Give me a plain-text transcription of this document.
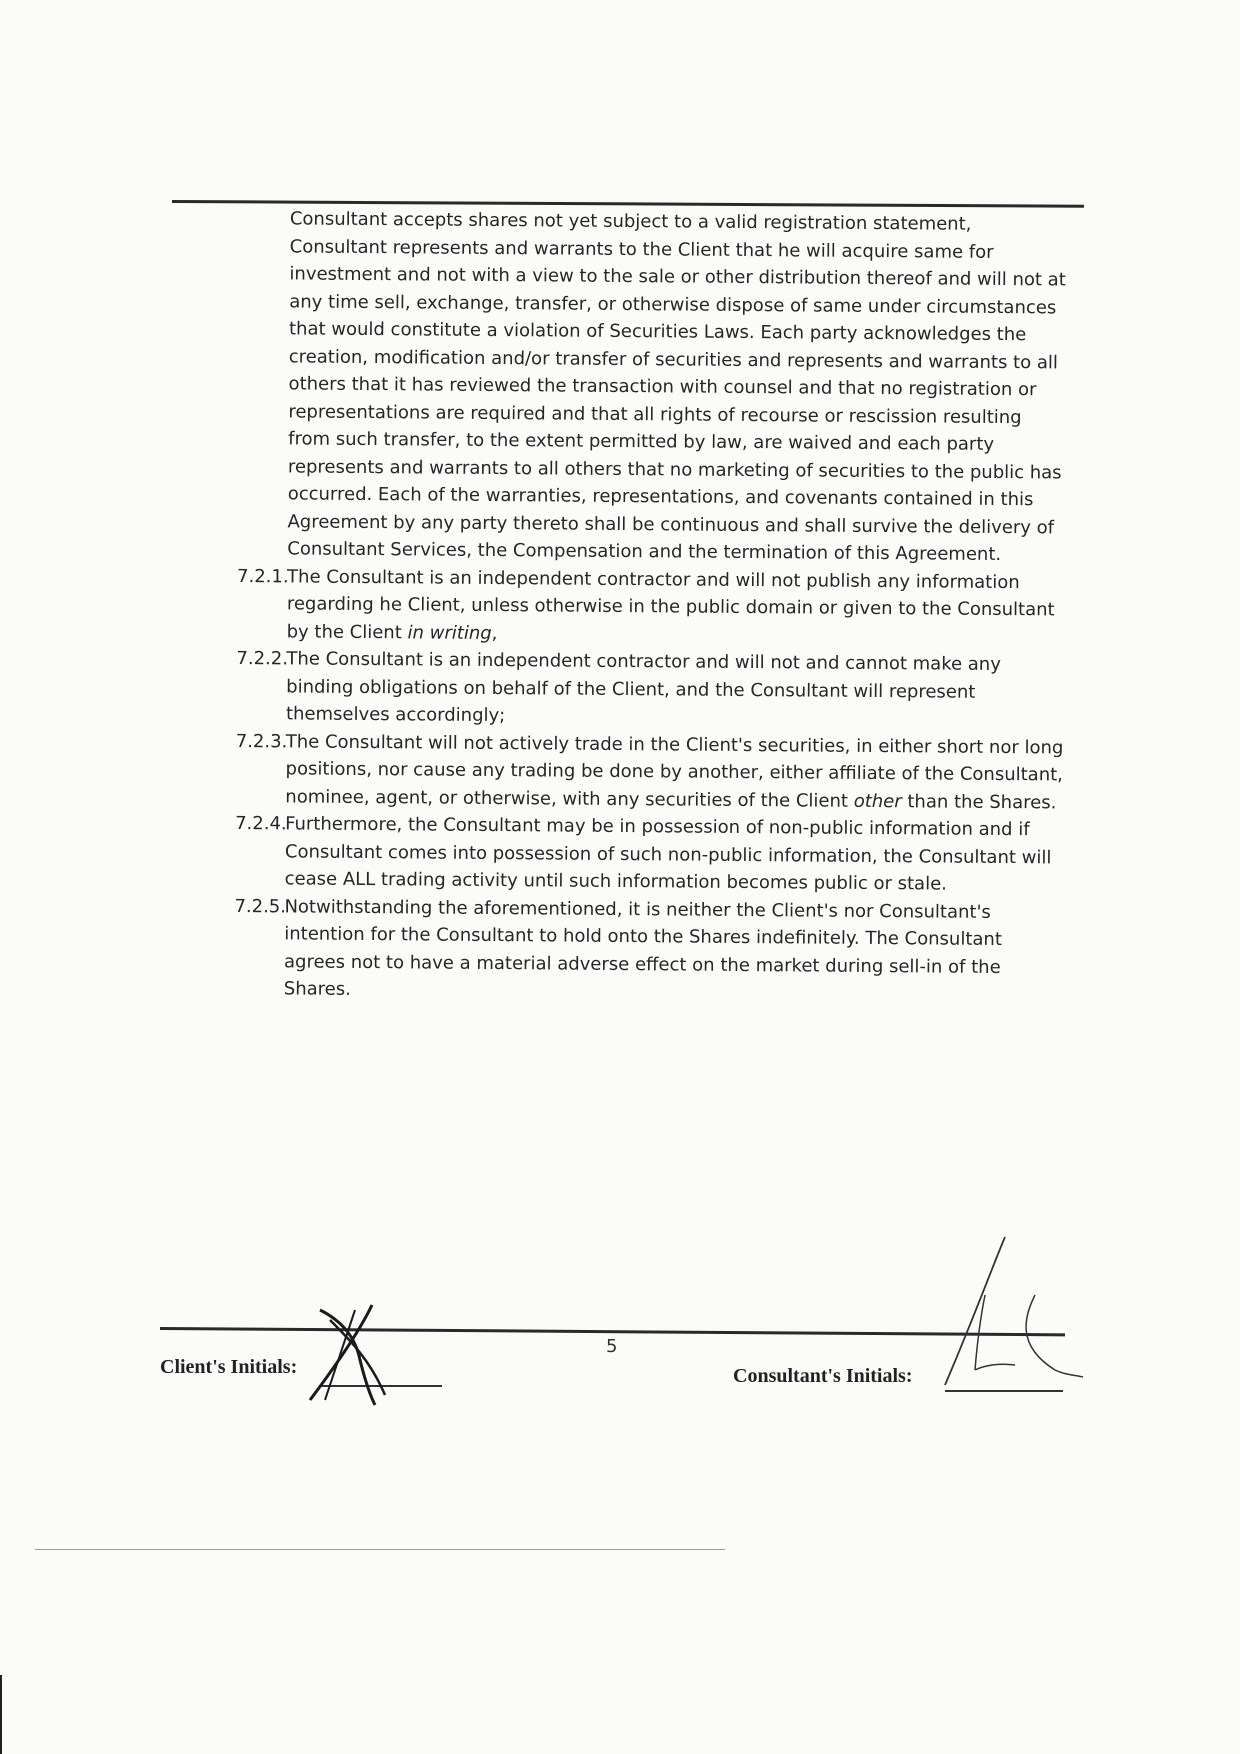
Consultant accepts shares not yet subject to a valid registration statement, Consultant represents and warrants to the Client that he will acquire same for investment and not with a view to the sale or other distribution thereof and will not at any time sell, exchange, transfer, or otherwise dispose of same under circumstances that would constitute a violation of Securities Laws. Each party acknowledges the creation, modification and/or transfer of securities and represents and warrants to all others that it has reviewed the transaction with counsel and that no registration or representations are required and that all rights of recourse or rescission resulting from such transfer, to the extent permitted by law, are waived and each party represents and warrants to all others that no marketing of securities to the public has occurred. Each of the warranties, representations, and covenants contained in this Agreement by any party thereto shall be continuous and shall survive the delivery of Consultant Services, the Compensation and the termination of this Agreement.

7.2.1.
The Consultant is an independent contractor and will not publish any information regarding he Client, unless otherwise in the public domain or given to the Consultant by the Client in writing,
7.2.2.
The Consultant is an independent contractor and will not and cannot make any binding obligations on behalf of the Client, and the Consultant will represent themselves accordingly;
7.2.3.
The Consultant will not actively trade in the Client's securities, in either short nor long positions, nor cause any trading be done by another, either affiliate of the Consultant, nominee, agent, or otherwise, with any securities of the Client other than the Shares.
7.2.4.
Furthermore, the Consultant may be in possession of non-public information and if Consultant comes into possession of such non-public information, the Consultant will cease ALL trading activity until such information becomes public or stale.
7.2.5.
Notwithstanding the aforementioned, it is neither the Client's nor Consultant's intention for the Consultant to hold onto the Shares indefinitely. The Consultant agrees not to have a material adverse effect on the market during sell-in of the Shares.
Client's Initials:
5
Consultant's Initials:
